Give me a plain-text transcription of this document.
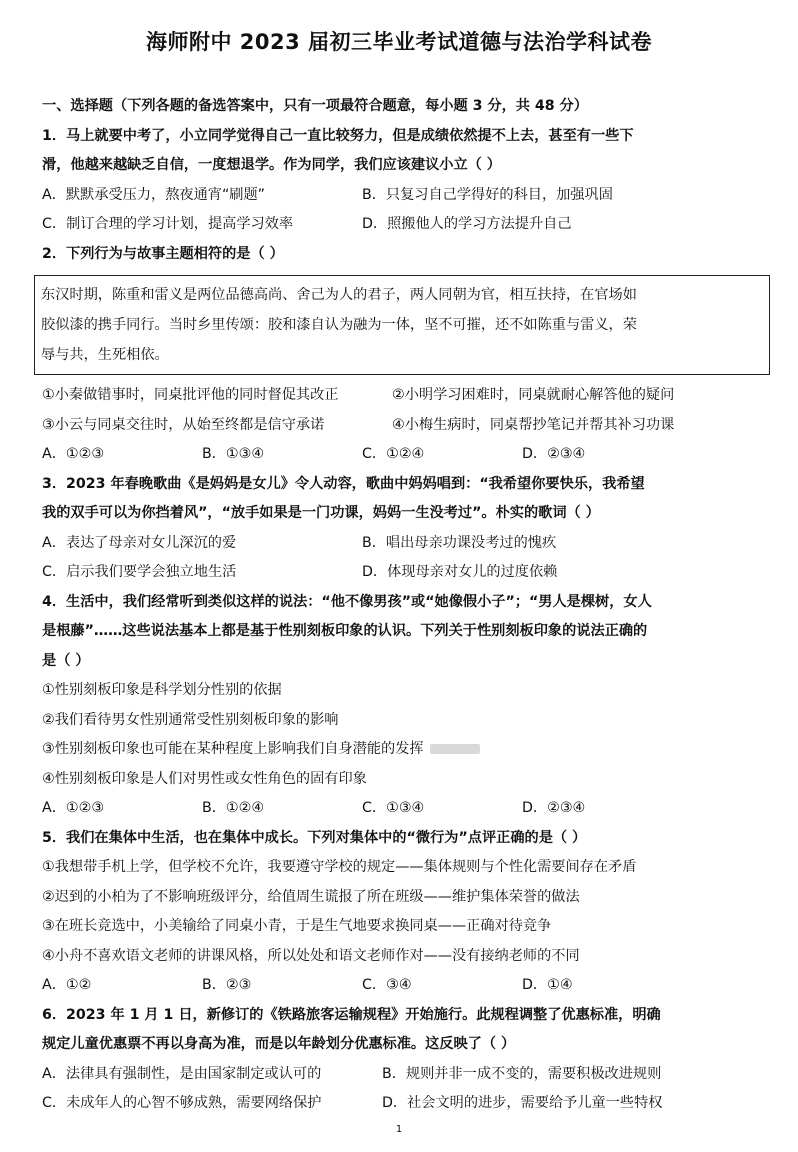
海师附中 2023 届初三毕业考试道德与法治学科试卷
一、选择题（下列各题的备选答案中，只有一项最符合题意，每小题 3 分，共 48 分）
1．马上就要中考了，小立同学觉得自己一直比较努力，但是成绩依然提不上去，甚至有一些下
滑，他越来越缺乏自信，一度想退学。作为同学，我们应该建议小立（ ）
A．默默承受压力，熬夜通宵“刷题”	B．只复习自己学得好的科目，加强巩固
C．制订合理的学习计划，提高学习效率	D．照搬他人的学习方法提升自己
2．下列行为与故事主题相符的是（ ）
东汉时期，陈重和雷义是两位品德高尚、舍己为人的君子，两人同朝为官，相互扶持，在官场如
胶似漆的携手同行。当时乡里传颂：胶和漆自认为融为一体，坚不可摧，还不如陈重与雷义，荣
辱与共，生死相依。
①小秦做错事时，同桌批评他的同时督促其改正	②小明学习困难时，同桌就耐心解答他的疑问
③小云与同桌交往时，从始至终都是信守承诺	④小梅生病时，同桌帮抄笔记并帮其补习功课
A．①②③	B．①③④	C．①②④	D．②③④
3．2023 年春晚歌曲《是妈妈是女儿》令人动容，歌曲中妈妈唱到：“我希望你要快乐，我希望
我的双手可以为你挡着风”，“放手如果是一门功课，妈妈一生没考过”。朴实的歌词（ ）
A．表达了母亲对女儿深沉的爱	B．唱出母亲功课没考过的愧疚
C．启示我们要学会独立地生活	D．体现母亲对女儿的过度依赖
4．生活中，我们经常听到类似这样的说法：“他不像男孩”或“她像假小子”；“男人是棵树，女人
是根藤”……这些说法基本上都是基于性别刻板印象的认识。下列关于性别刻板印象的说法正确的
是（ ）
①性别刻板印象是科学划分性别的依据
②我们看待男女性别通常受性别刻板印象的影响
③性别刻板印象也可能在某种程度上影响我们自身潜能的发挥
④性别刻板印象是人们对男性或女性角色的固有印象
A．①②③	B．①②④	C．①③④	D．②③④
5．我们在集体中生活，也在集体中成长。下列对集体中的“微行为”点评正确的是（ ）
①我想带手机上学，但学校不允许，我要遵守学校的规定——集体规则与个性化需要间存在矛盾
②迟到的小柏为了不影响班级评分，给值周生谎报了所在班级——维护集体荣誉的做法
③在班长竞选中，小美输给了同桌小青，于是生气地要求换同桌——正确对待竞争
④小舟不喜欢语文老师的讲课风格，所以处处和语文老师作对——没有接纳老师的不同
A．①②	B．②③	C．③④	D．①④
6．2023 年 1 月 1 日，新修订的《铁路旅客运输规程》开始施行。此规程调整了优惠标准，明确
规定儿童优惠票不再以身高为准，而是以年龄划分优惠标准。这反映了（ ）
A．法律具有强制性，是由国家制定或认可的	B．规则并非一成不变的，需要积极改进规则
C．未成年人的心智不够成熟，需要网络保护	D．社会文明的进步，需要给予儿童一些特权
1
